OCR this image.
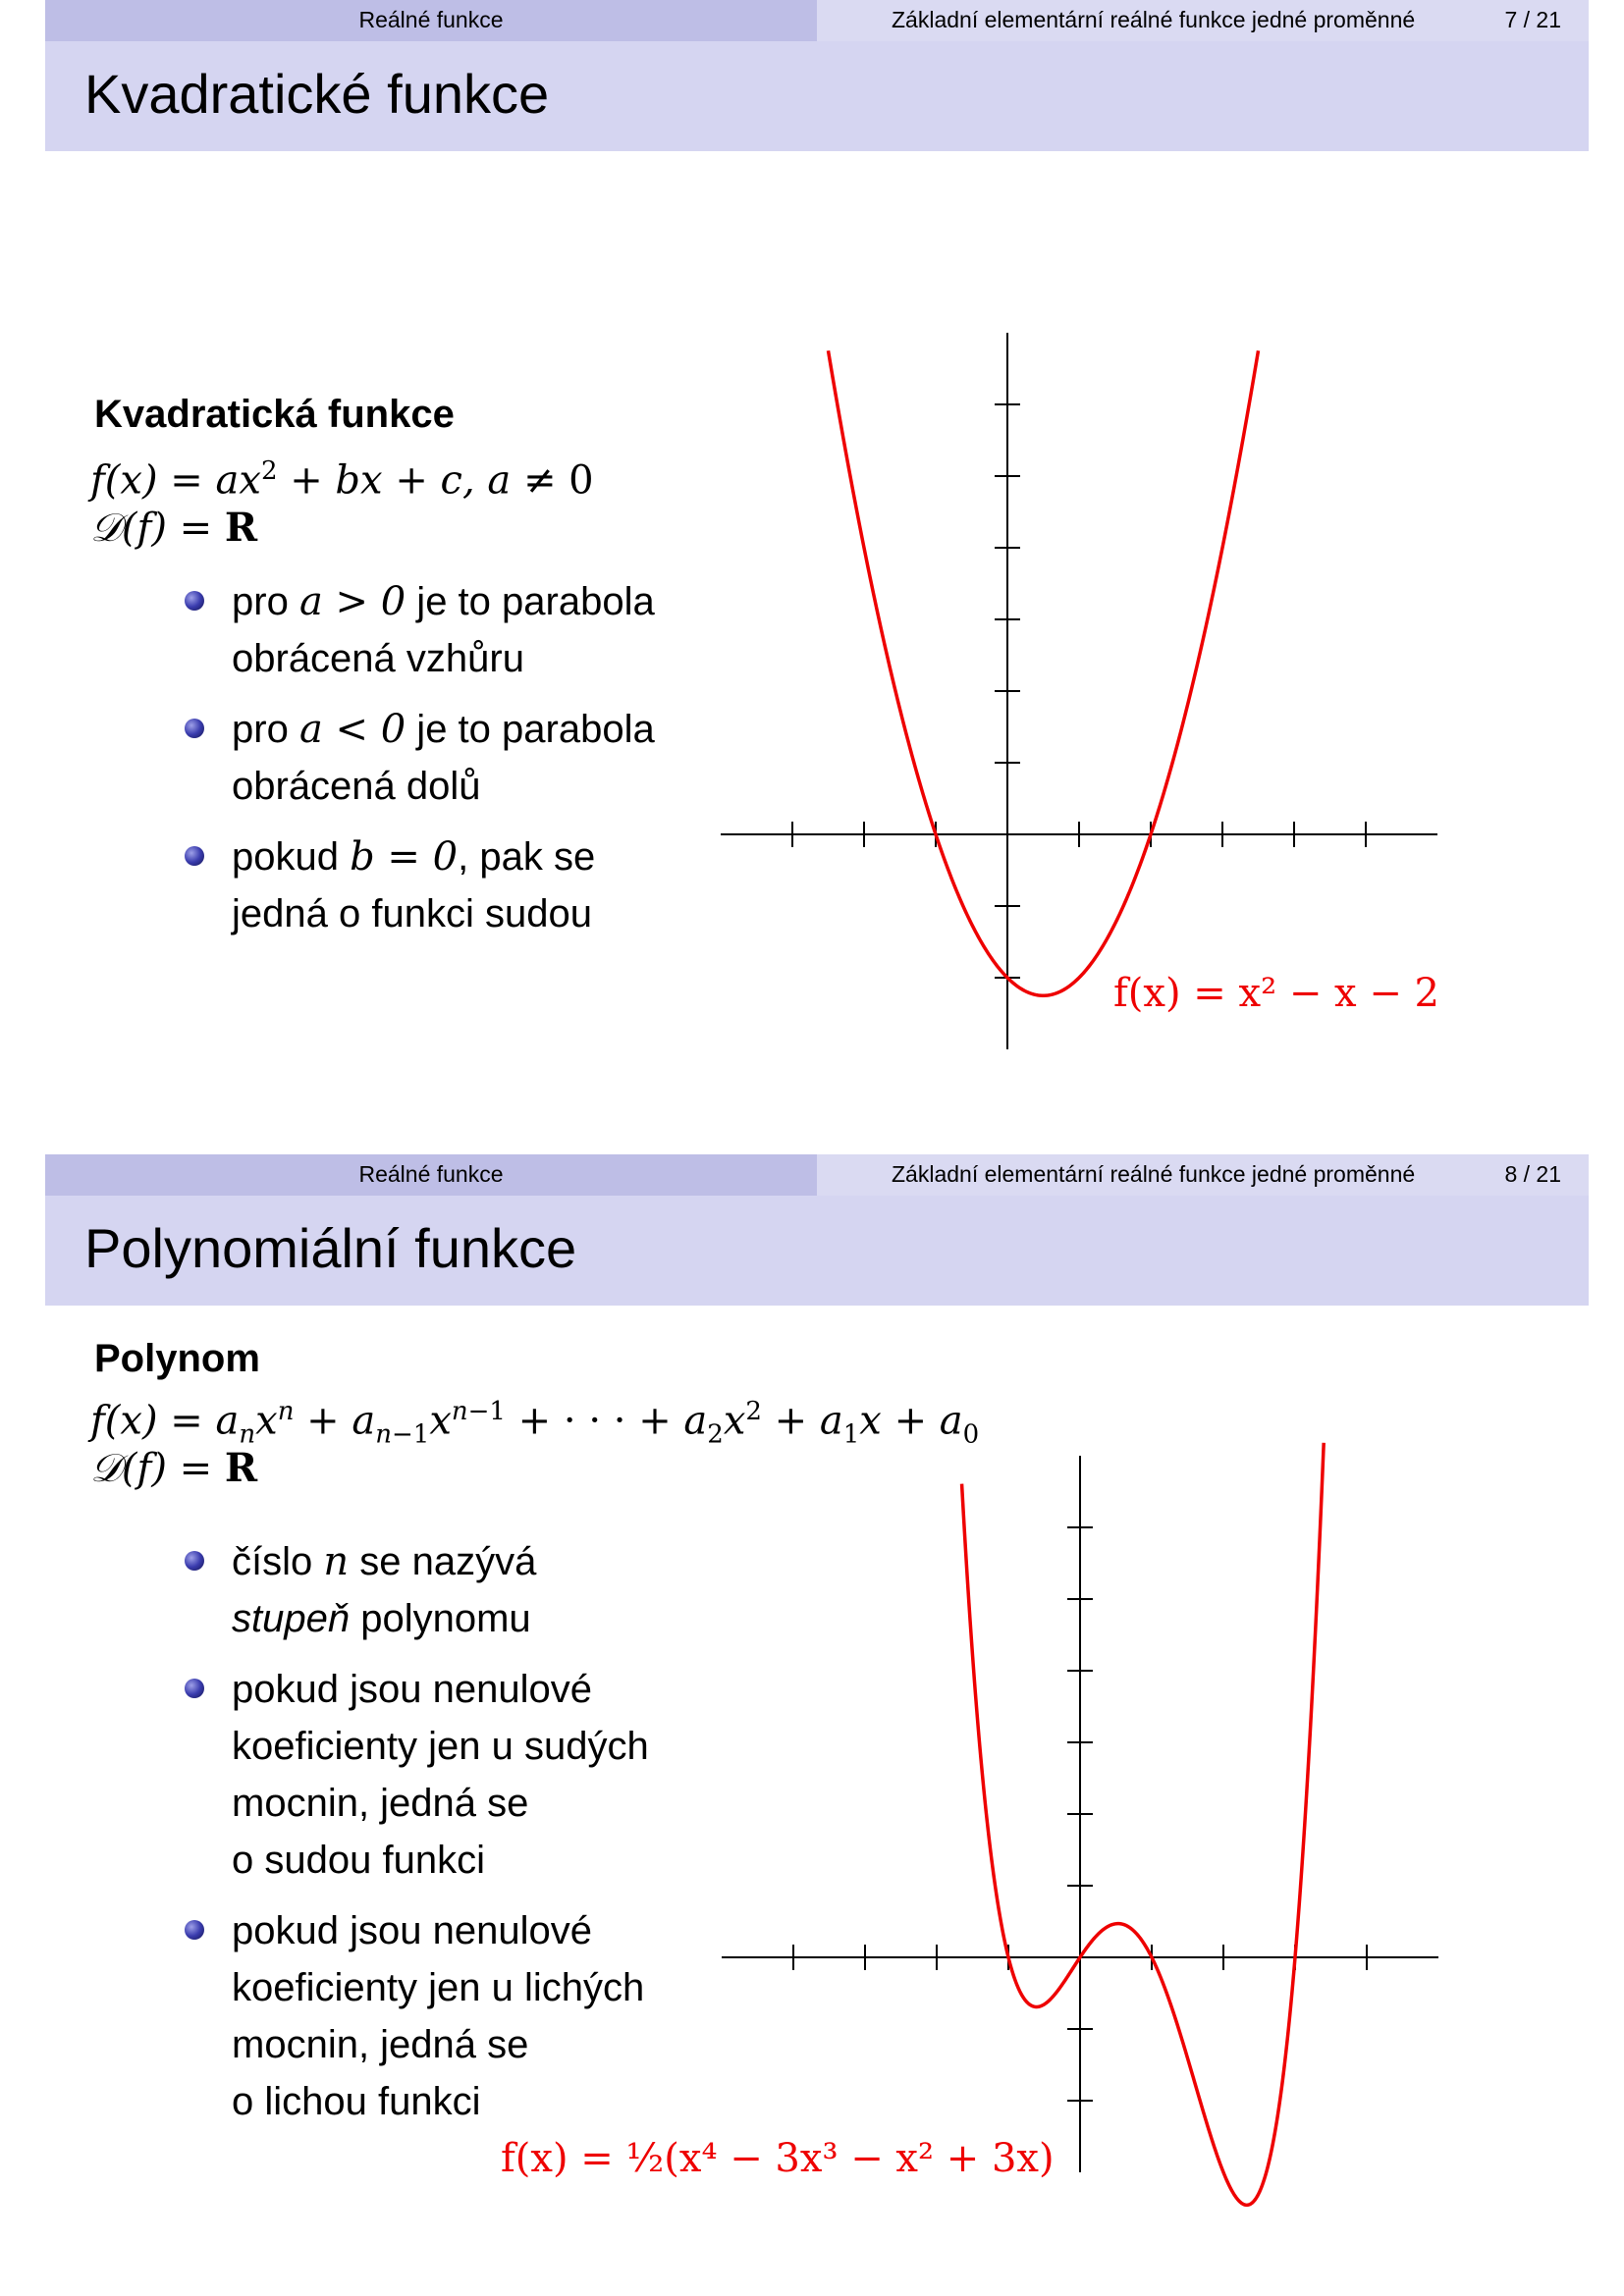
Reálné funkce	Základní elementární reálné funkce jedné proměnné	7 / 21
Kvadratické funkce
Kvadratická funkce
$f(x) = ax^2$ + bx + c, a ≠ 0
𝒟(f) = R
pro a > 0 je to parabola
obrácená vzhůru
pro a < 0 je to parabola
obrácená dolů
pokud b = 0, pak se
jedná o funkci sudou
f(x) = x² − x − 2
Reálné funkce	Základní elementární reálné funkce jedné proměnné	8 / 21
Polynomiální funkce
Polynom
$f(x) = a_nx^n + a_{n-1}x^{n-1}$ + · · · + $a_2x^2 + a_1x + a_0$
𝒟(f) = R
číslo n se nazývá
stupeň polynomu
pokud jsou nenulové
koeficienty jen u sudých
mocnin, jedná se
o sudou funkci
pokud jsou nenulové
koeficienty jen u lichých
mocnin, jedná se
o lichou funkci
f(x) = ½(x⁴ − 3x³ − x² + 3x)
